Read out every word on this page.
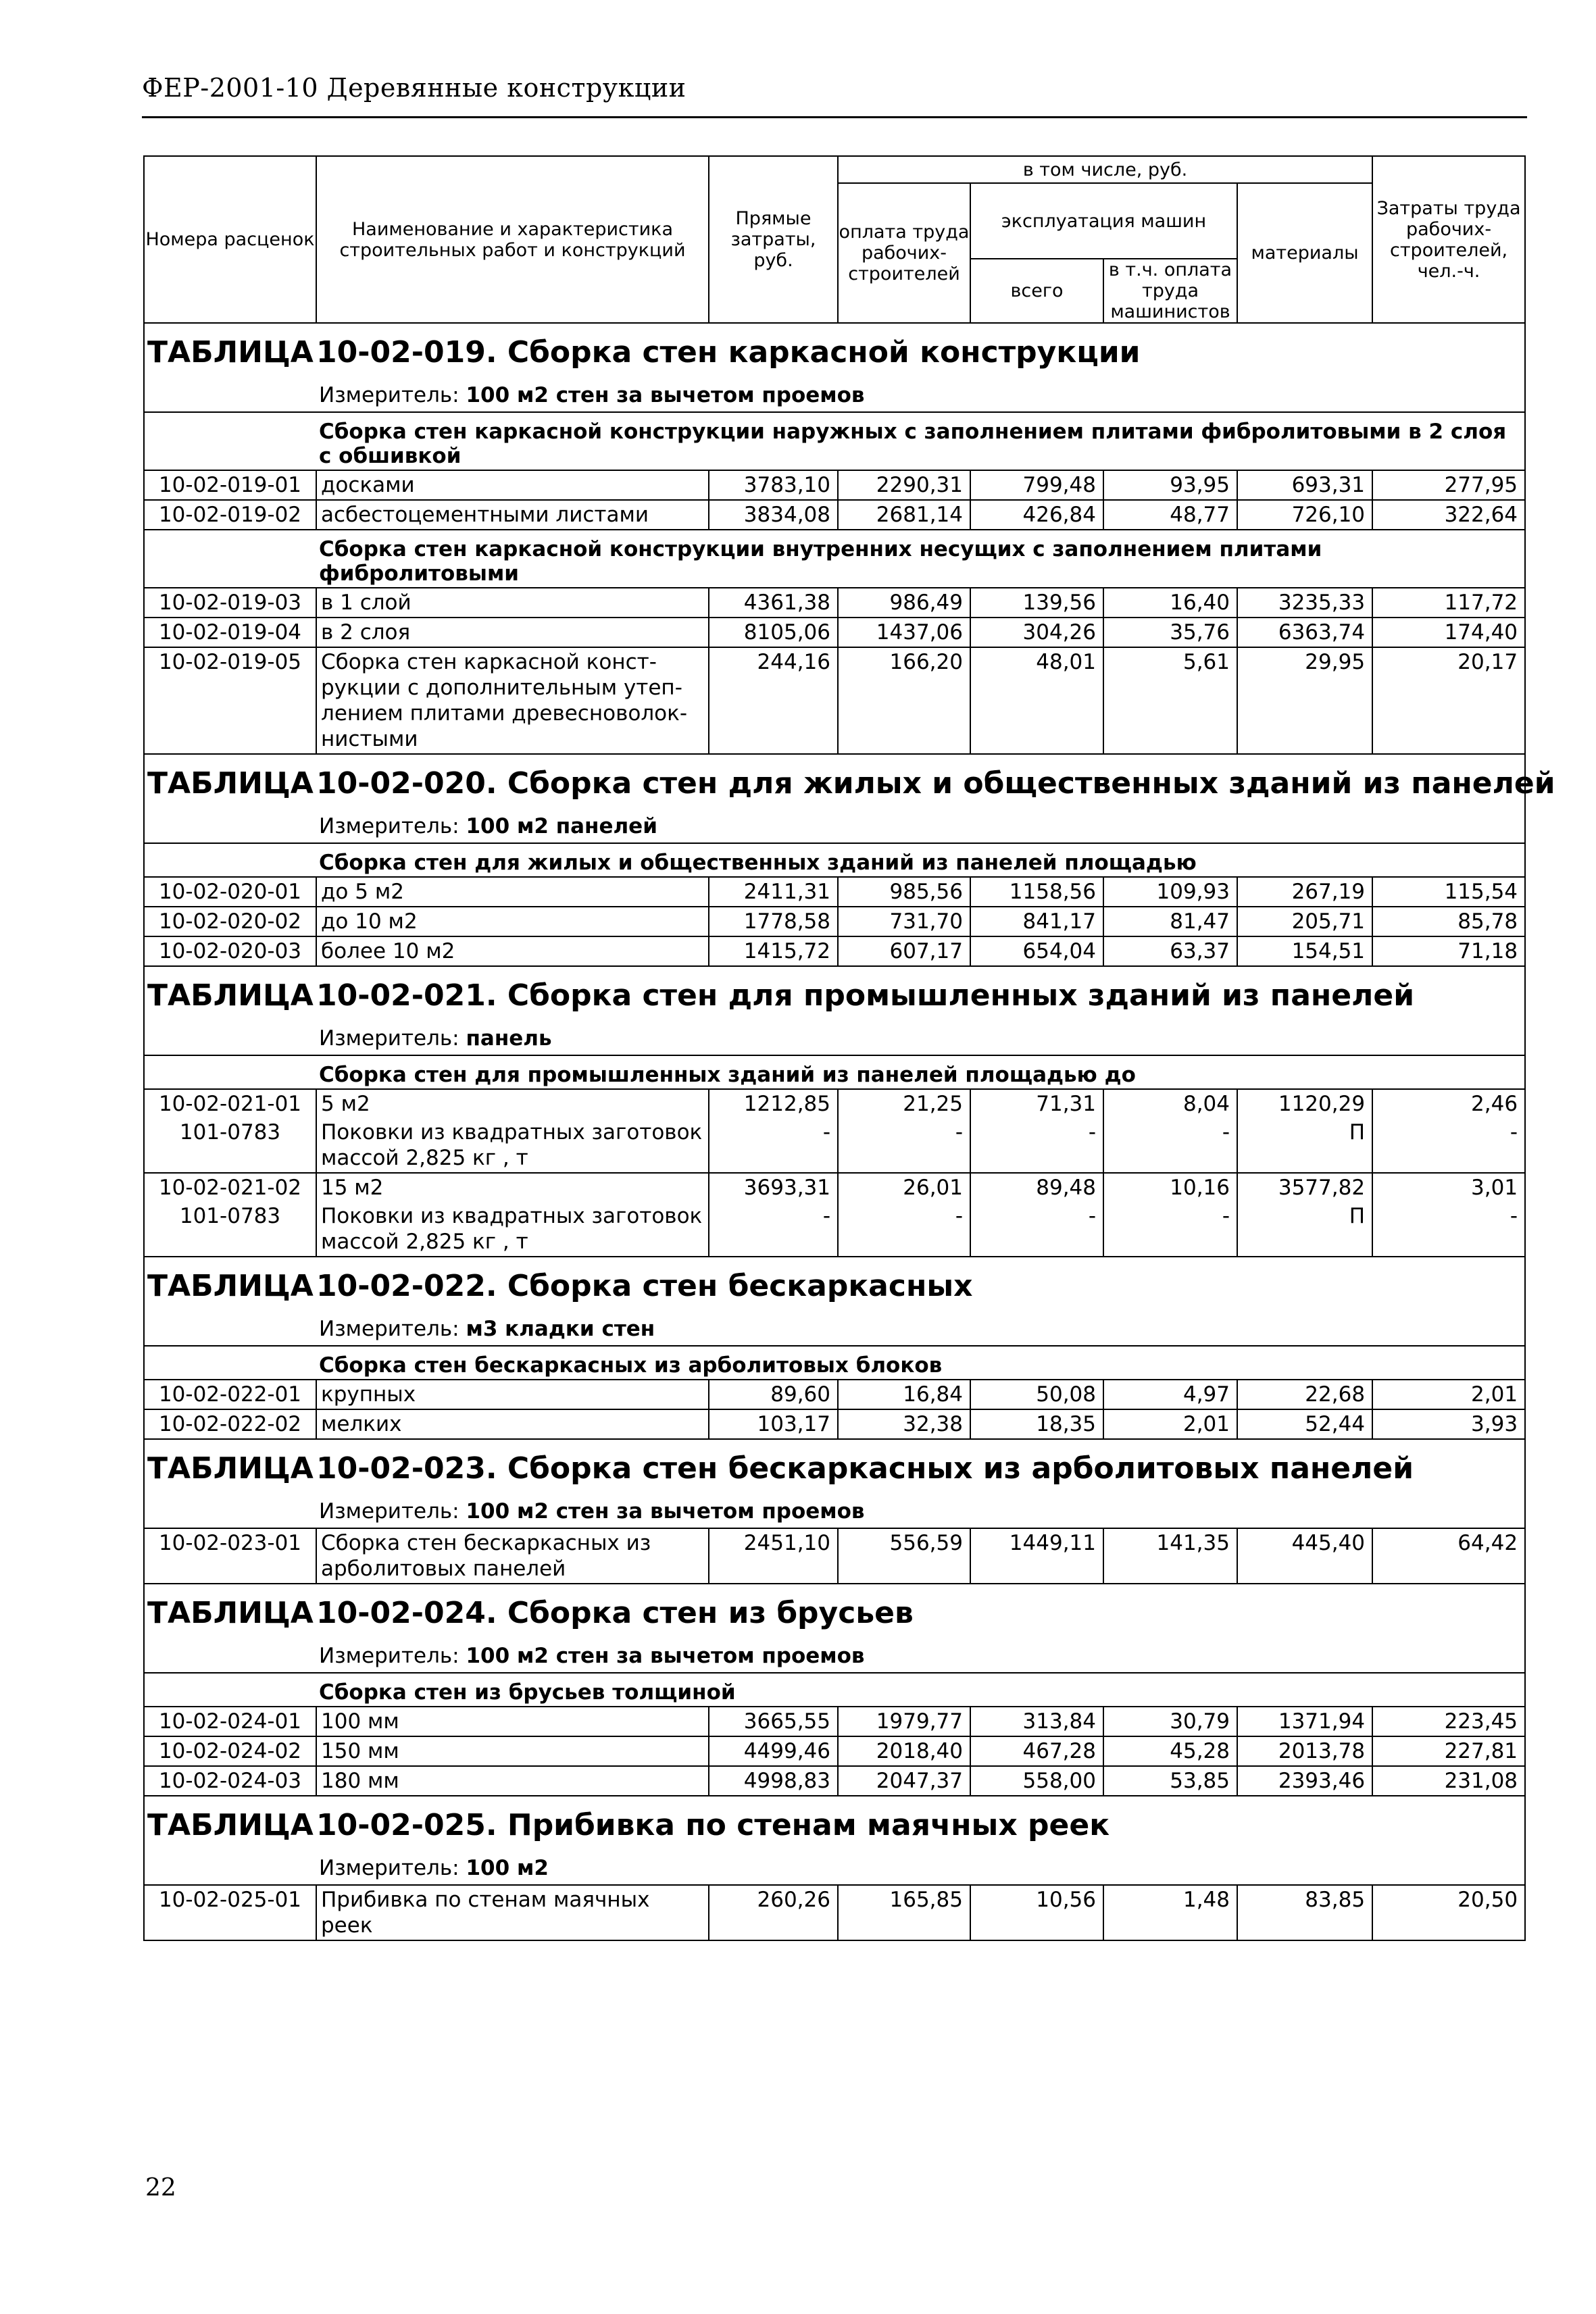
ФЕР-2001-10 Деревянные конструкции
Номера расценок	Наименование и характеристика строительных работ и конструкций	Прямые затраты, руб.	в том числе, руб.				Затраты труда рабочих-строителей, чел.-ч.
			оплата труда рабочих-строителей	эксплуатация машин		материалы	
				всего	в т.ч. оплата труда машинистов		
ТАБЛИЦА10-02-019. Сборка стен каркасной конструкции							
Измеритель: 100 м2 стен за вычетом проемов							
Сборка стен каркасной конструкции наружных с заполнением плитами фибролитовыми в 2 слоя с обшивкой							
10-02-019-01	досками	3783,10	2290,31	799,48	93,95	693,31	277,95
10-02-019-02	асбестоцементными листами	3834,08	2681,14	426,84	48,77	726,10	322,64
Сборка стен каркасной конструкции внутренних несущих с заполнением плитами фибролитовыми							
10-02-019-03	в 1 слой	4361,38	986,49	139,56	16,40	3235,33	117,72
10-02-019-04	в 2 слоя	8105,06	1437,06	304,26	35,76	6363,74	174,40
10-02-019-05	Сборка стен каркасной конст-рукции с дополнительным утеп-лением плитами древесноволок-нистыми	244,16	166,20	48,01	5,61	29,95	20,17
ТАБЛИЦА10-02-020. Сборка стен для жилых и общественных зданий из панелей							
Измеритель: 100 м2 панелей							
Сборка стен для жилых и общественных зданий из панелей площадью							
10-02-020-01	до 5 м2	2411,31	985,56	1158,56	109,93	267,19	115,54
10-02-020-02	до 10 м2	1778,58	731,70	841,17	81,47	205,71	85,78
10-02-020-03	более 10 м2	1415,72	607,17	654,04	63,37	154,51	71,18
ТАБЛИЦА10-02-021. Сборка стен для промышленных зданий из панелей							
Измеритель: панель							
Сборка стен для промышленных зданий из панелей площадью до							
10-02-021-01	5 м2	1212,85	21,25	71,31	8,04	1120,29	2,46
101-0783	Поковки из квадратных заготовок массой 2,825 кг , т	-	-	-	-	П	-
10-02-021-02	15 м2	3693,31	26,01	89,48	10,16	3577,82	3,01
101-0783	Поковки из квадратных заготовок массой 2,825 кг , т	-	-	-	-	П	-
ТАБЛИЦА10-02-022. Сборка стен бескаркасных							
Измеритель: м3 кладки стен							
Сборка стен бескаркасных из арболитовых блоков							
10-02-022-01	крупных	89,60	16,84	50,08	4,97	22,68	2,01
10-02-022-02	мелких	103,17	32,38	18,35	2,01	52,44	3,93
ТАБЛИЦА10-02-023. Сборка стен бескаркасных из арболитовых панелей							
Измеритель: 100 м2 стен за вычетом проемов							
10-02-023-01	Сборка стен бескаркасных из арболитовых панелей	2451,10	556,59	1449,11	141,35	445,40	64,42
ТАБЛИЦА10-02-024. Сборка стен из брусьев							
Измеритель: 100 м2 стен за вычетом проемов							
Сборка стен из брусьев толщиной							
10-02-024-01	100 мм	3665,55	1979,77	313,84	30,79	1371,94	223,45
10-02-024-02	150 мм	4499,46	2018,40	467,28	45,28	2013,78	227,81
10-02-024-03	180 мм	4998,83	2047,37	558,00	53,85	2393,46	231,08
ТАБЛИЦА10-02-025. Прибивка по стенам маячных реек							
Измеритель: 100 м2							
10-02-025-01	Прибивка по стенам маячных реек	260,26	165,85	10,56	1,48	83,85	20,50
22
